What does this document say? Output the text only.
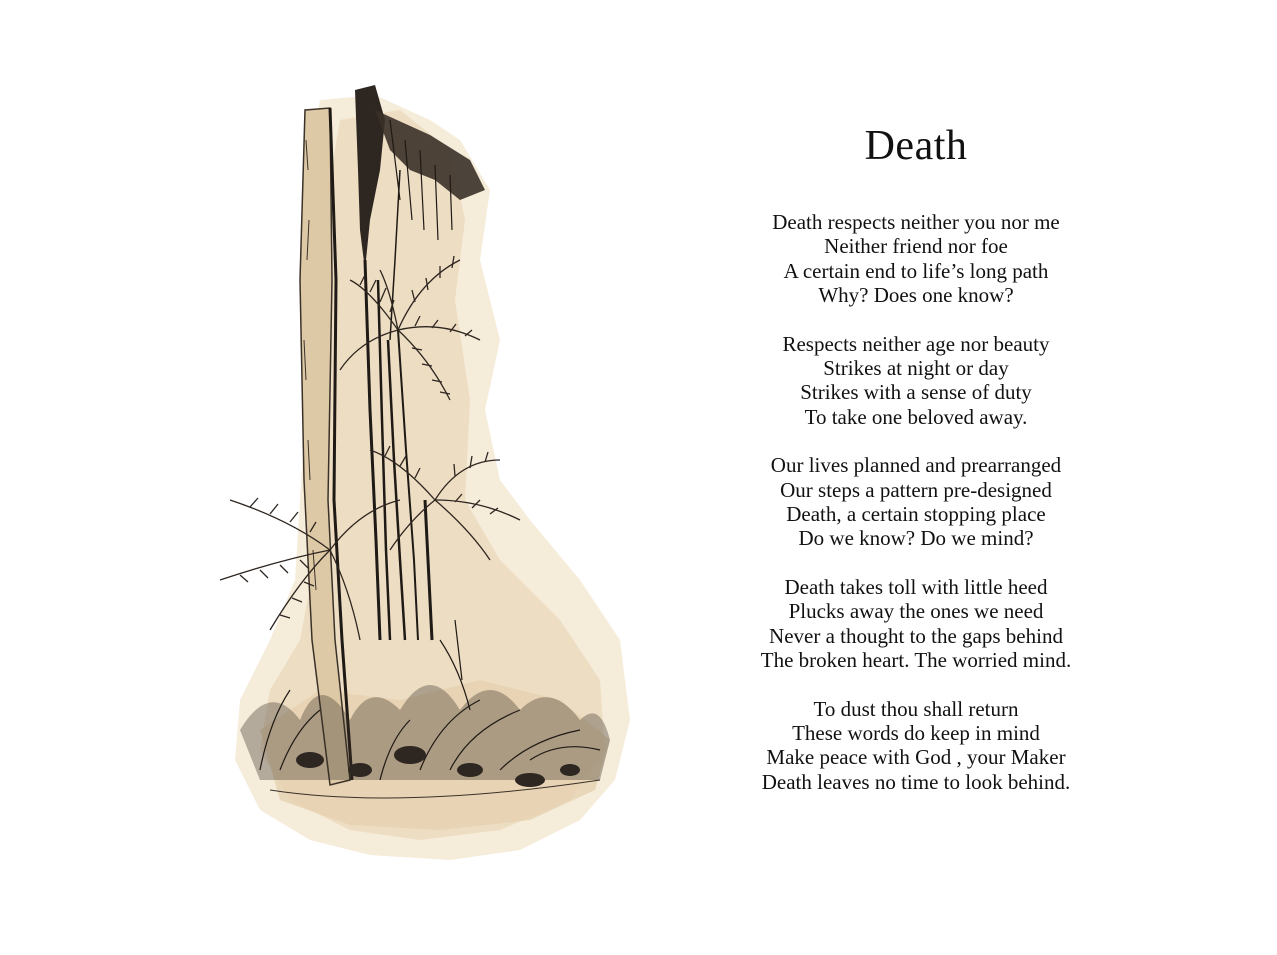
Death
Death respects neither you nor me
Neither friend nor foe
A certain end to life’s long path
Why? Does one know?
Respects neither age nor beauty
Strikes at night or day
Strikes with a sense of duty
To take one beloved away.
Our lives planned and prearranged
Our steps a pattern pre-designed
Death, a certain stopping place
Do we know? Do we mind?
Death takes toll with little heed
Plucks away the ones we need
Never a thought to the gaps behind
The broken heart. The worried mind.
To dust thou shall return
These words do keep in mind
Make peace with God , your Maker
Death leaves no time to look behind.
